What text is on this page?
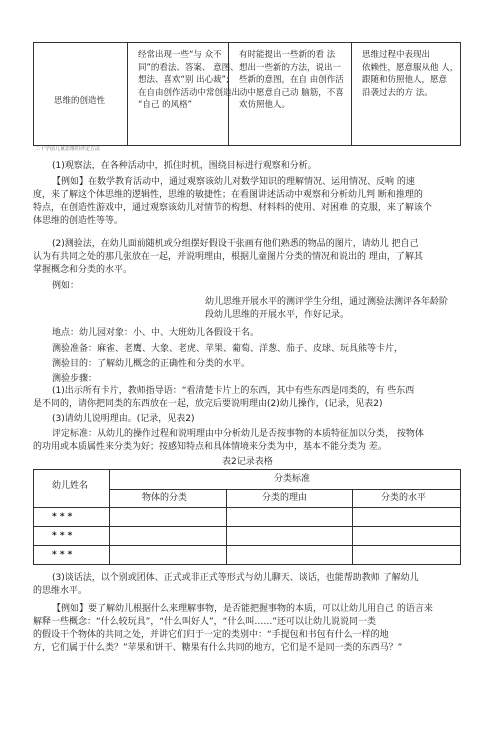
思维的创造性
经常出现一些“与 众不
同”的看法、答案、 意图、
想法、喜欢“别 出心裁”;
在自由创作活动中常创造出
“自己 的风格”
有时能提出一些新的看 法
想出一些新的方法，说出一
些新的意图，在自 由创作活
动中愿意自己动 脑筋，不喜
欢仿照他人。
思维过程中表现出
依赖性，愿意服从他 人，
跟随和仿照他人，愿意
沿袭过去的方 法。
二十学前儿童思维的评定方法
(1)观察法，在各种活动中，抓住时机，围绕目标进行观察和分析。
【例如】在数学教育活动中，通过观察该幼儿对数学知识的理解情况、运用情况、反响 的速
度，来了解这个体思维的逻辑性，思维的敏捷性；在看图讲述活动中观察和分析幼儿判 断和推理的
特点，在创造性游戏中，通过观察该幼儿对情节的构想、材料料的使用、对困难 的克服，来了解该个
体思维的创造性等等。
(2)测验法，在幼儿面前随机或分组摆好假设干张画有他们熟悉的物品的图片，请幼儿 把自己
认为有共同之处的那几张放在一起，并说明理由，根据儿童图片分类的情况和说出的 理由，了解其
掌握概念和分类的水平。
例如：
幼儿思维开展水平的测评学生分组，通过测验法测评各年龄阶
段幼儿思维的开展水平，作好记录。
地点：幼儿园对象：小、中、大班幼儿各假设干名。
测验准备：麻雀、老鹰、大象、老虎、苹果、葡萄、洋葱、茄子、皮球、玩具熊等卡片，
测验目的：了解幼儿概念的正确性和分类的水平。
测验步骤：
(1)出示所有卡片，教师指导语：“看清楚卡片上的东西，其中有些东西是同类的，有 些东西
是不同的，请你把同类的东西放在一起，放完后要说明理由(2)幼儿操作，(记录，见表2)
(3)请幼儿说明理由。(记录，见表2)
表2记录表格
幼儿姓名
分类标准
物体的分类	分类的理由	分类的水平
* * *
* * *
* * *
(3)谈话法，以个别或团体、正式或非正式等形式与幼儿聊天、谈话，也能帮助教师 了解幼儿
的思维水平。
【例如】要了解幼儿根据什么来理解事物，是否能把握事物的本质，可以让幼儿用自己 的语言来
解释一些概念：“什么较玩具”，“什么叫好人”，“什么叫……”还可以让幼儿说说同一类
的假设干个物体的共同之处，并讲它们归于一定的类别中：“手提包和书包有什么一样的地
方，它们属于什么类？”苹果和饼干、糖果有什么共同的地方，它们是不是同一类的东西马？”
评定标准：从幼儿的操作过程和说明理由中分析幼儿是否按事物的本质特征加以分类， 按物体
的功用或本质属性来分类为好；按感知特点和具体情境来分类为中，基本不能分类为 差。
